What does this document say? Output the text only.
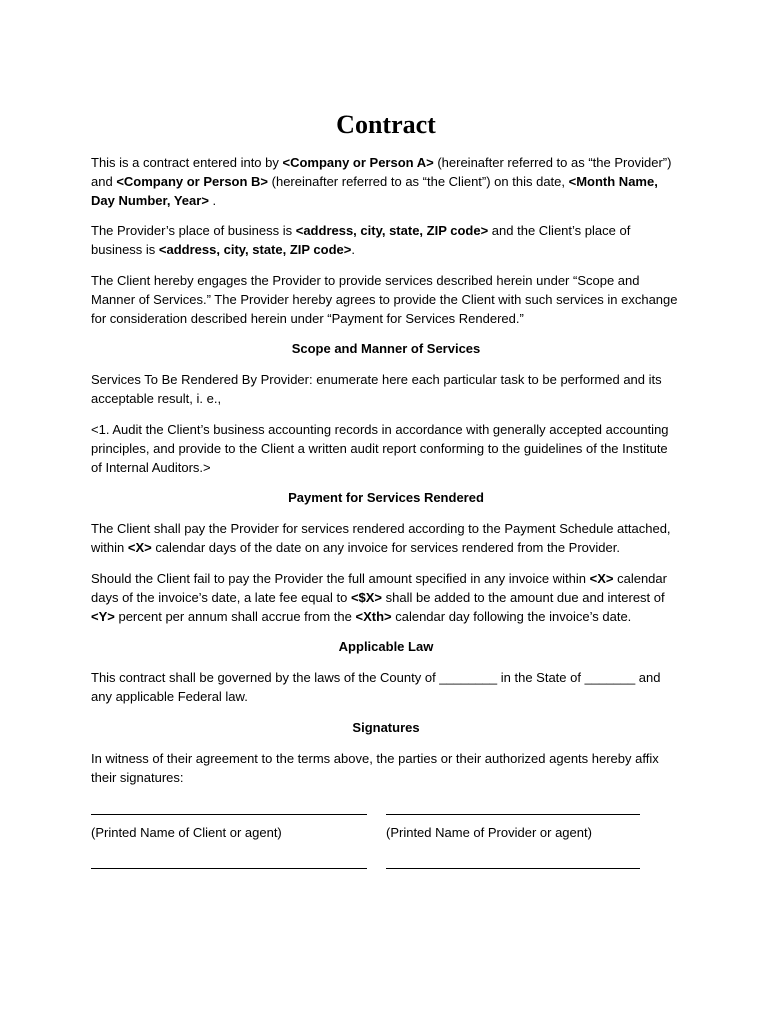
Contract

This is a contract entered into by <Company or Person A> (hereinafter referred to as “the Provider”) and <Company or Person B> (hereinafter referred to as “the Client”) on this date, <Month Name, Day Number, Year> .

The Provider’s place of business is <address, city, state, ZIP code> and the Client’s place of business is <address, city, state, ZIP code>.

The Client hereby engages the Provider to provide services described herein under “Scope and Manner of Services.” The Provider hereby agrees to provide the Client with such services in exchange for consideration described herein under “Payment for Services Rendered.”

Scope and Manner of Services

Services To Be Rendered By Provider: enumerate here each particular task to be performed and its acceptable result, i. e.,

<1. Audit the Client’s business accounting records in accordance with generally accepted accounting principles, and provide to the Client a written audit report conforming to the guidelines of the Institute of Internal Auditors.>

Payment for Services Rendered

The Client shall pay the Provider for services rendered according to the Payment Schedule attached, within <X> calendar days of the date on any invoice for services rendered from the Provider.

Should the Client fail to pay the Provider the full amount specified in any invoice within <X> calendar days of the invoice’s date, a late fee equal to <$X> shall be added to the amount due and interest of <Y> percent per annum shall accrue from the <Xth> calendar day following the invoice’s date.

Applicable Law

This contract shall be governed by the laws of the County of ________ in the State of _______ and any applicable Federal law.

Signatures

In witness of their agreement to the terms above, the parties or their authorized agents hereby affix their signatures:

(Printed Name of Client or agent)	(Printed Name of Provider or agent)
